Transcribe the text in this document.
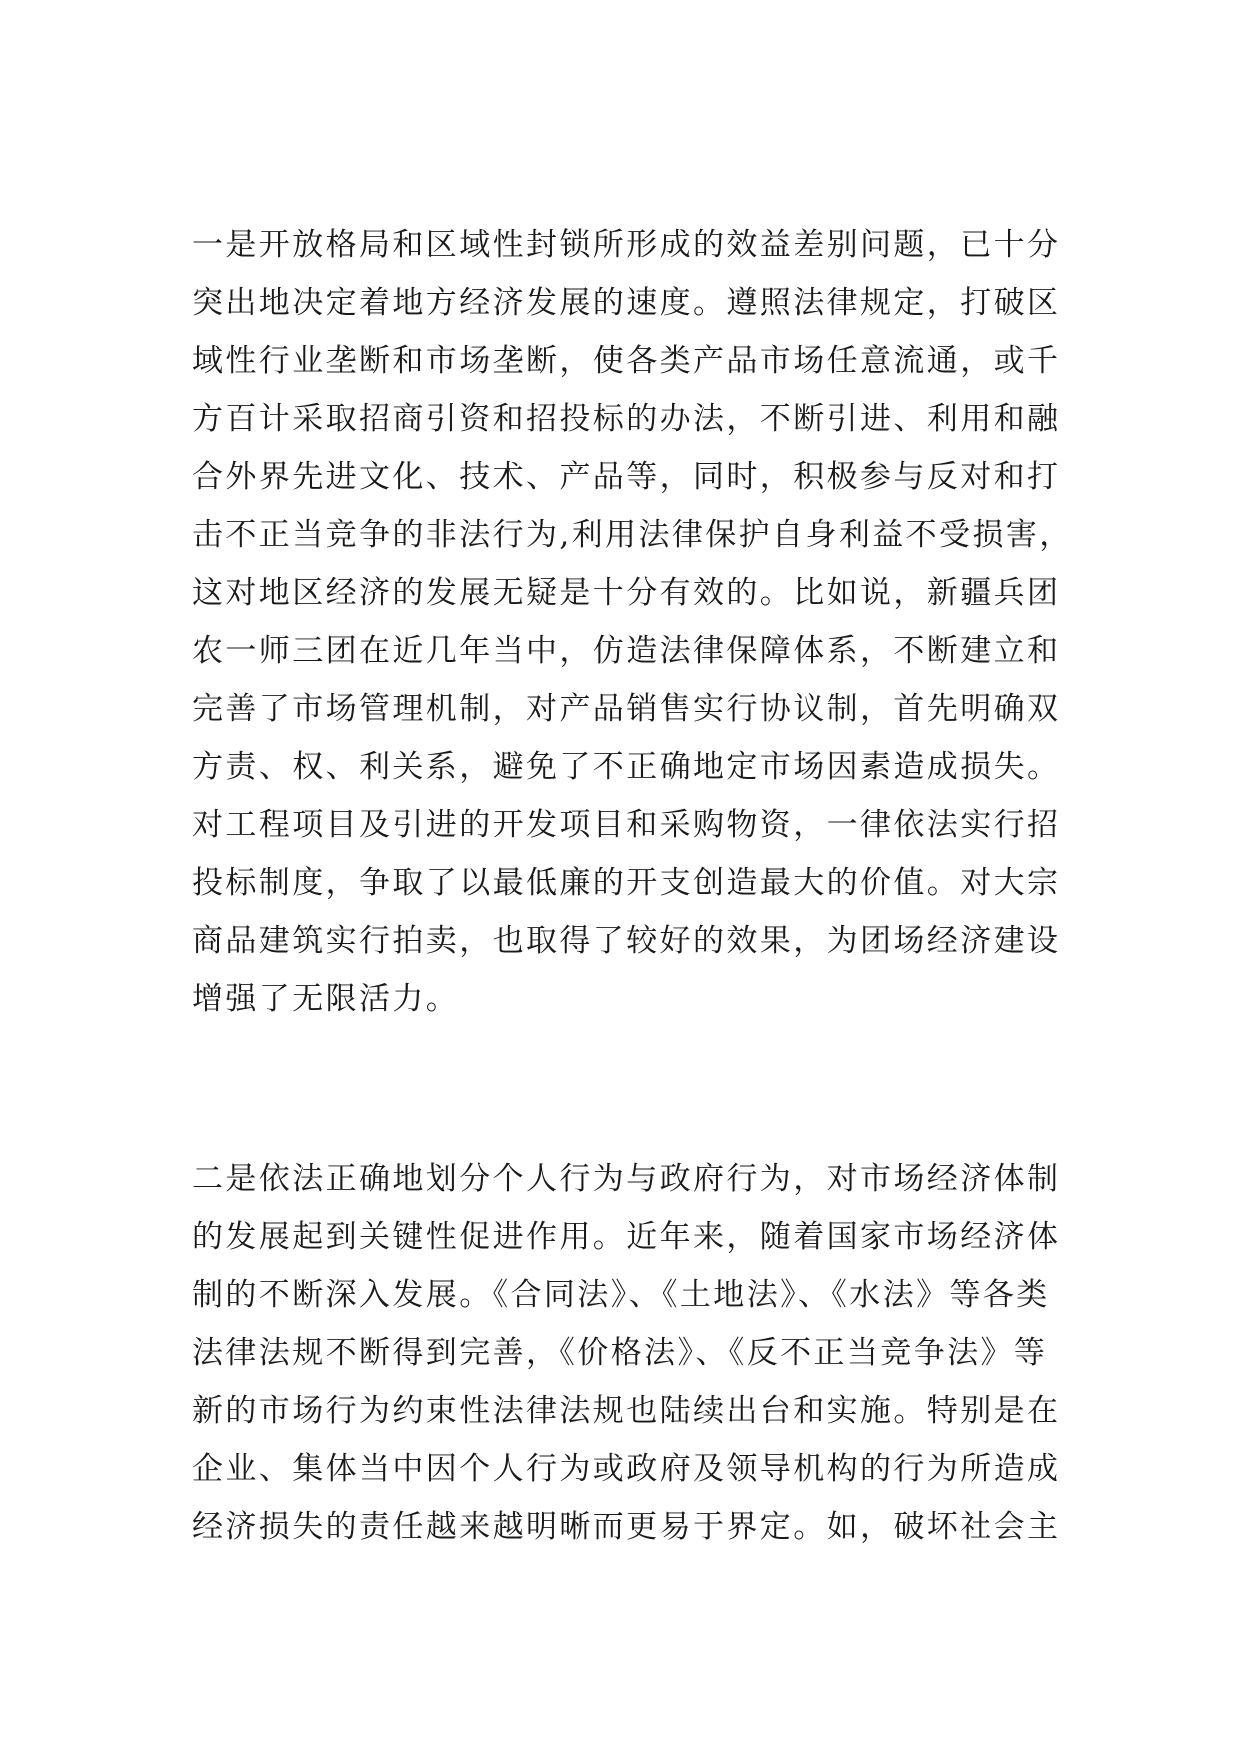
一是开放格局和区域性封锁所形成的效益差别问题，已十分
突出地决定着地方经济发展的速度。遵照法律规定，打破区
域性行业垄断和市场垄断，使各类产品市场任意流通，或千
方百计采取招商引资和招投标的办法，不断引进、利用和融
合外界先进文化、技术、产品等，同时，积极参与反对和打
击不正当竞争的非法行为,利用法律保护自身利益不受损害，
这对地区经济的发展无疑是十分有效的。比如说，新疆兵团
农一师三团在近几年当中，仿造法律保障体系，不断建立和
完善了市场管理机制，对产品销售实行协议制，首先明确双
方责、权、利关系，避免了不正确地定市场因素造成损失。
对工程项目及引进的开发项目和采购物资，一律依法实行招
投标制度，争取了以最低廉的开支创造最大的价值。对大宗
商品建筑实行拍卖，也取得了较好的效果，为团场经济建设
增强了无限活力。
二是依法正确地划分个人行为与政府行为，对市场经济体制
的发展起到关键性促进作用。近年来，随着国家市场经济体
制的不断深入发展。《合同法》、《土地法》、《水法》等各类
法律法规不断得到完善，《价格法》、《反不正当竞争法》等
新的市场行为约束性法律法规也陆续出台和实施。特别是在
企业、集体当中因个人行为或政府及领导机构的行为所造成
经济损失的责任越来越明晰而更易于界定。如，破坏社会主
